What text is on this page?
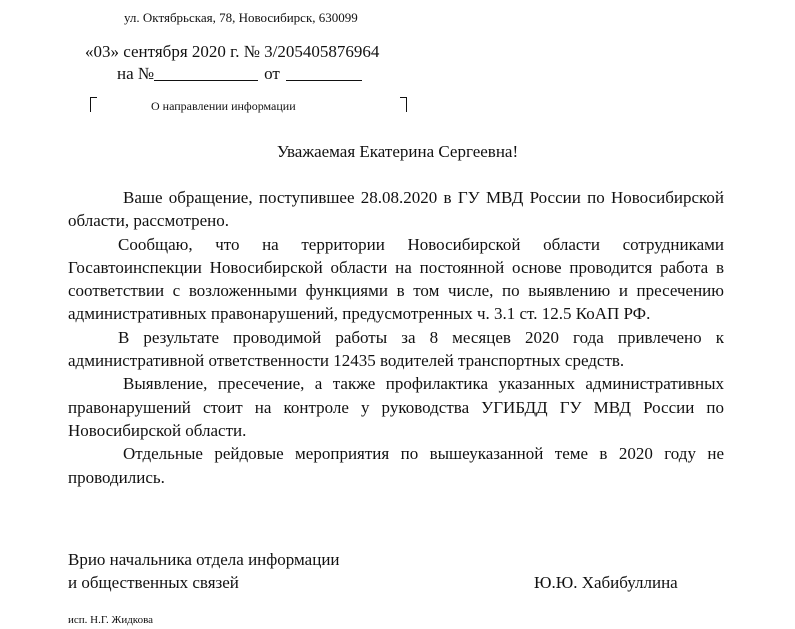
ул. Октябрьская, 78, Новосибирск, 630099
«03» сентября 2020 г. № 3/205405876964
на №	от
О направлении информации
Уважаемая Екатерина Сергеевна!

Ваше обращение, поступившее 28.08.2020 в ГУ МВД России по Новосибирской области, рассмотрено.

Сообщаю, что на территории Новосибирской области сотрудниками Госавтоинспекции Новосибирской области на постоянной основе проводится работа в соответствии с возложенными функциями в том числе, по выявлению и пресечению административных правонарушений, предусмотренных ч. 3.1 ст. 12.5 КоАП РФ.

В результате проводимой работы за 8 месяцев 2020 года привлечено к административной ответственности 12435 водителей транспортных средств.

Выявление, пресечение, а также профилактика указанных административных правонарушений стоит на контроле у руководства УГИБДД ГУ МВД России по Новосибирской области.

Отдельные рейдовые мероприятия по вышеуказанной теме в 2020 году не проводились.

Врио начальника отдела информации
и общественных связей	Ю.Ю. Хабибуллина
исп. Н.Г. Жидкова
